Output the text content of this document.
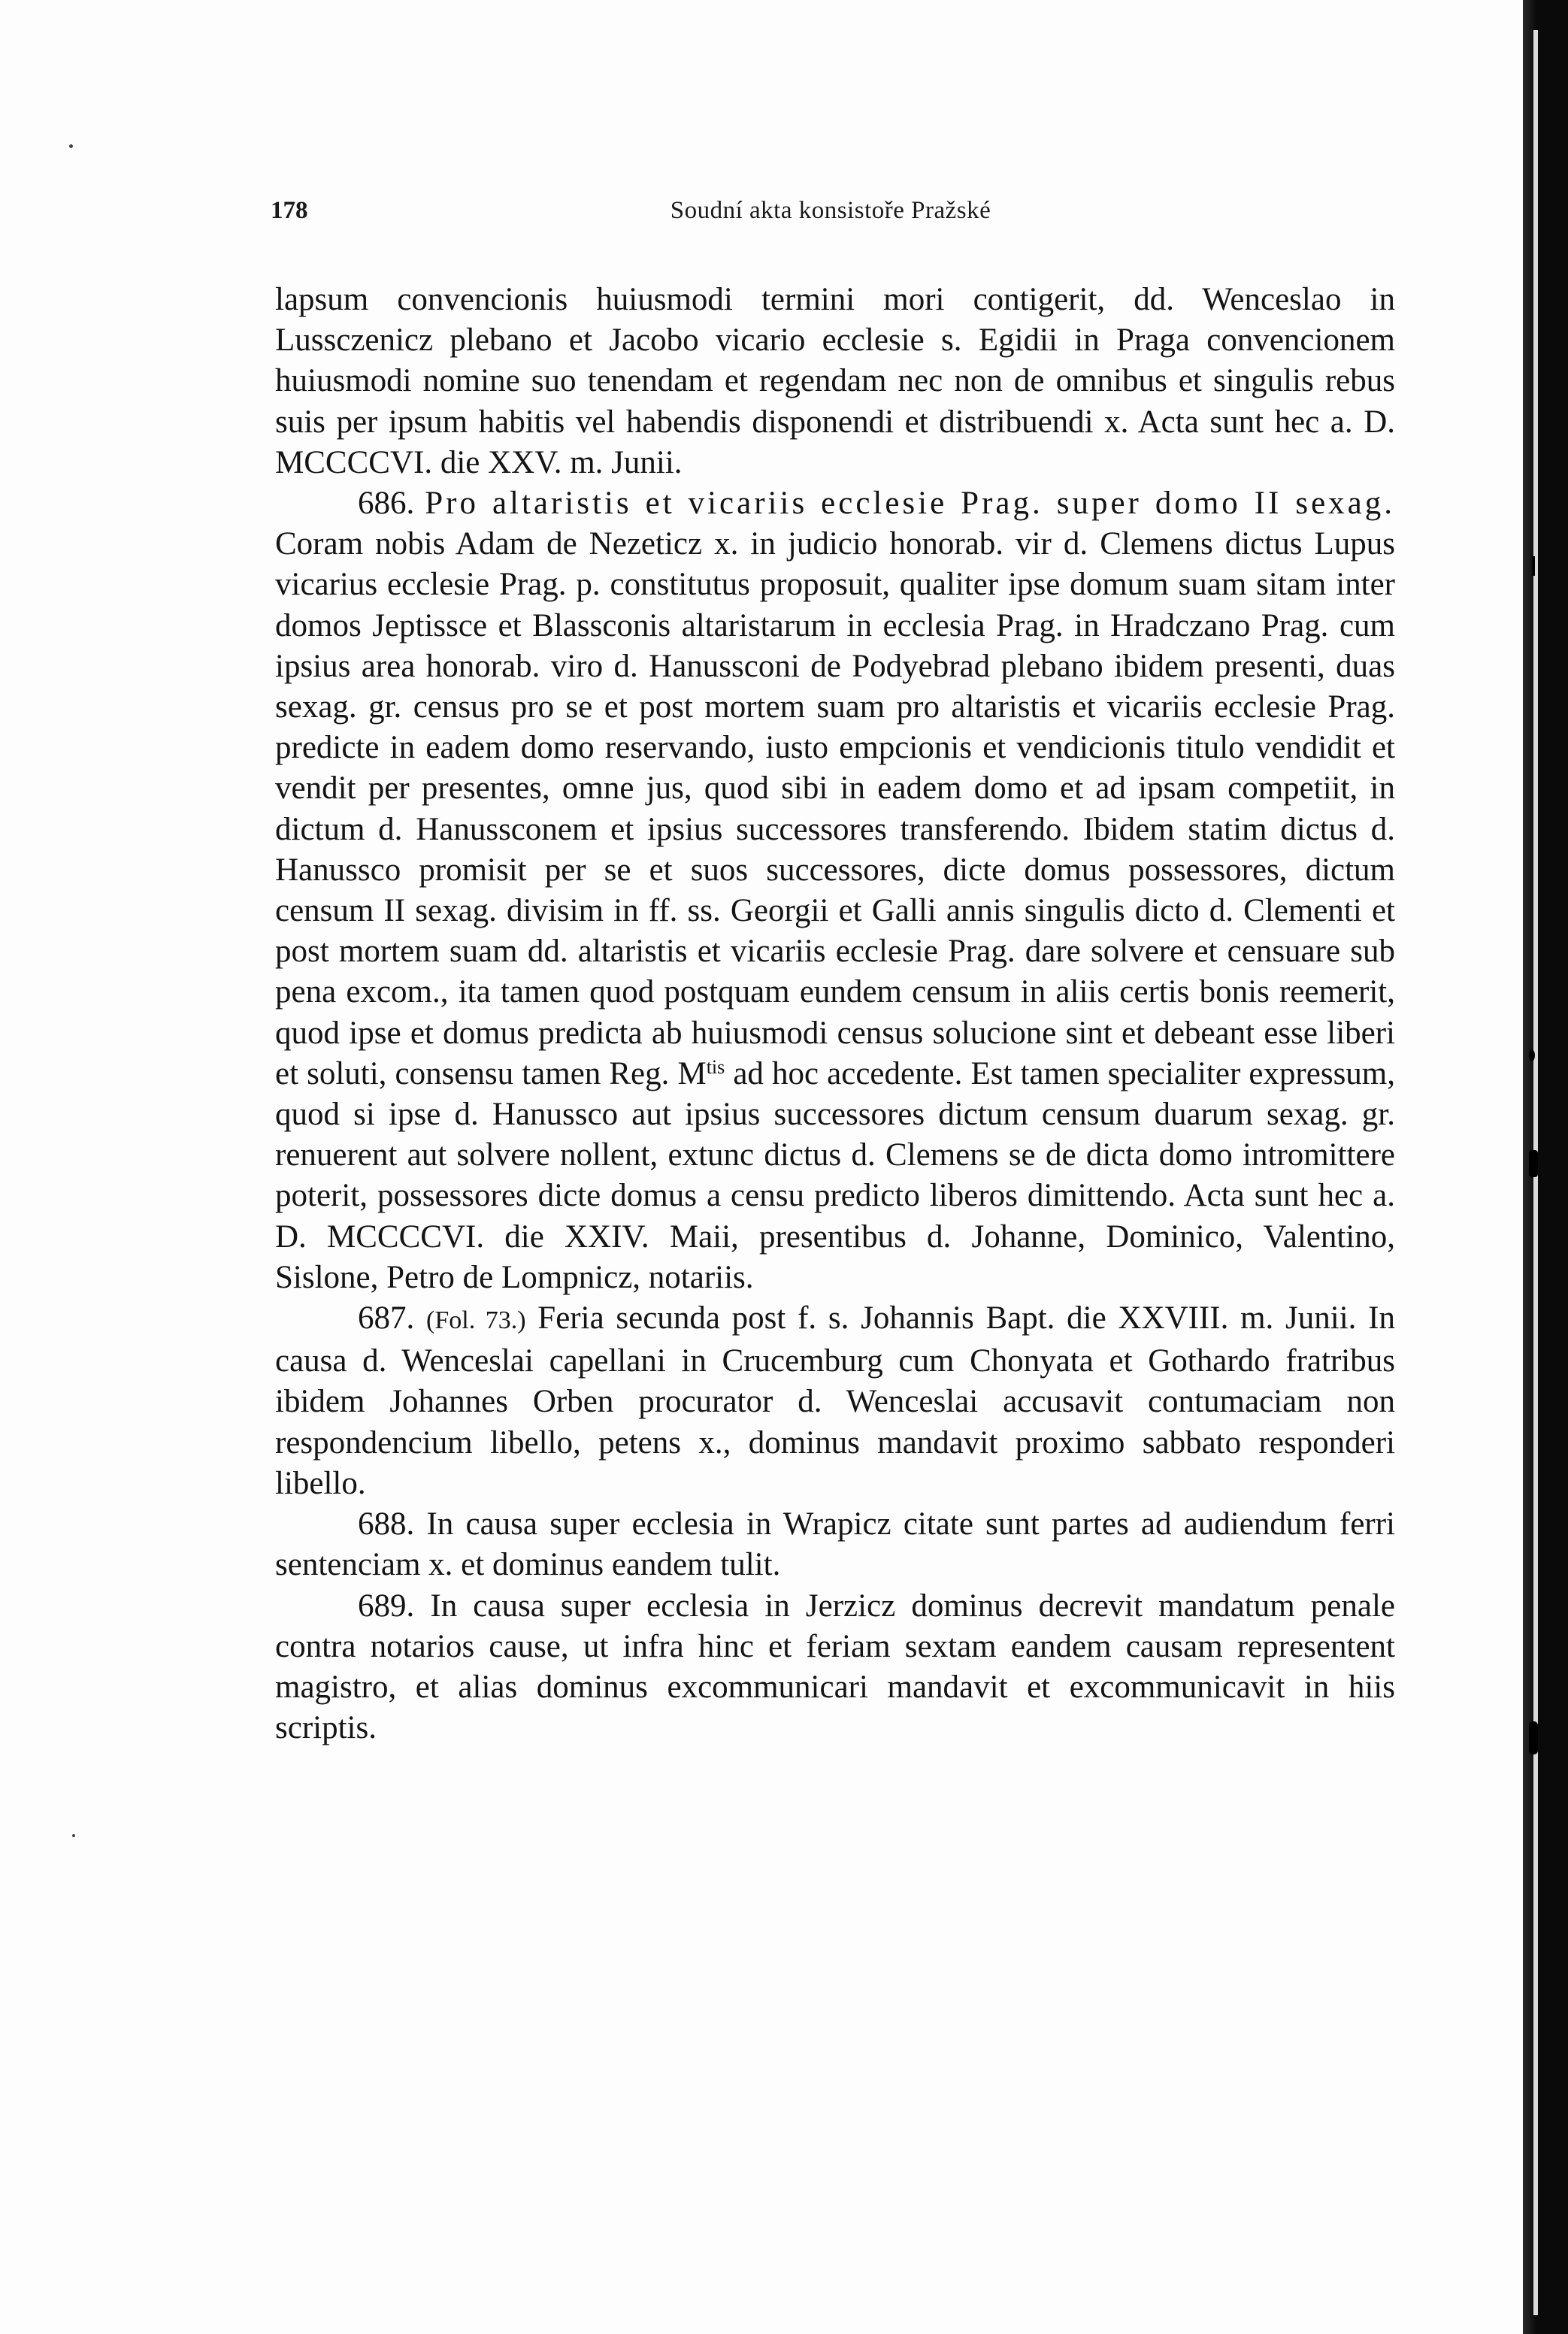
178	Soudní akta konsistoře Pražské

lapsum convencionis huiusmodi termini mori contigerit, dd. Wenceslao in Lussczenicz plebano et Jacobo vicario ecclesie s. Egidii in Praga convencionem huiusmodi nomine suo tenendam et regendam nec non de omnibus et singulis rebus suis per ipsum habitis vel habendis disponendi et distribuendi x. Acta sunt hec a. D. MCCCCVI. die XXV. m. Junii.

686. Pro altaristis et vicariis ecclesie Prag. super domo II sexag. Coram nobis Adam de Nezeticz x. in judicio honorab. vir d. Clemens dictus Lupus vicarius ecclesie Prag. p. constitutus proposuit, qualiter ipse domum suam sitam inter domos Jeptissce et Blassconis altaristarum in ecclesia Prag. in Hradczano Prag. cum ipsius area honorab. viro d. Hanussconi de Podyebrad plebano ibidem presenti, duas sexag. gr. census pro se et post mortem suam pro altaristis et vicariis ecclesie Prag. predicte in eadem domo reservando, iusto empcionis et vendicionis titulo vendidit et vendit per presentes, omne jus, quod sibi in eadem domo et ad ipsam competiit, in dictum d. Hanussconem et ipsius successores transferendo. Ibidem statim dictus d. Hanussco promisit per se et suos successores, dicte domus possessores, dictum censum II sexag. divisim in ff. ss. Georgii et Galli annis singulis dicto d. Clementi et post mortem suam dd. altaristis et vicariis ecclesie Prag. dare solvere et censuare sub pena excom., ita tamen quod postquam eundem censum in aliis certis bonis reemerit, quod ipse et domus predicta ab huiusmodi census solucione sint et debeant esse liberi et soluti, consensu tamen Reg. $M^{tis}$ ad hoc accedente. Est tamen specialiter expressum, quod si ipse d. Hanussco aut ipsius successores dictum censum duarum sexag. gr. renuerent aut solvere nollent, extunc dictus d. Clemens se de dicta domo intromittere poterit, possessores dicte domus a censu predicto liberos dimittendo. Acta sunt hec a. D. MCCCCVI. die XXIV. Maii, presentibus d. Johanne, Dominico, Valentino, Sislone, Petro de Lompnicz, notariis.

687. (Fol. 73.) Feria secunda post f. s. Johannis Bapt. die XXVIII. m. Junii. In causa d. Wenceslai capellani in Crucemburg cum Chonyata et Gothardo fratribus ibidem Johannes Orben procurator d. Wenceslai accusavit contumaciam non respondencium libello, petens x., dominus mandavit proximo sabbato responderi libello.

688. In causa super ecclesia in Wrapicz citate sunt partes ad audiendum ferri sentenciam x. et dominus eandem tulit.

689. In causa super ecclesia in Jerzicz dominus decrevit mandatum penale contra notarios cause, ut infra hinc et feriam sextam eandem causam representent magistro, et alias dominus excommunicari mandavit et excommunicavit in hiis scriptis.
